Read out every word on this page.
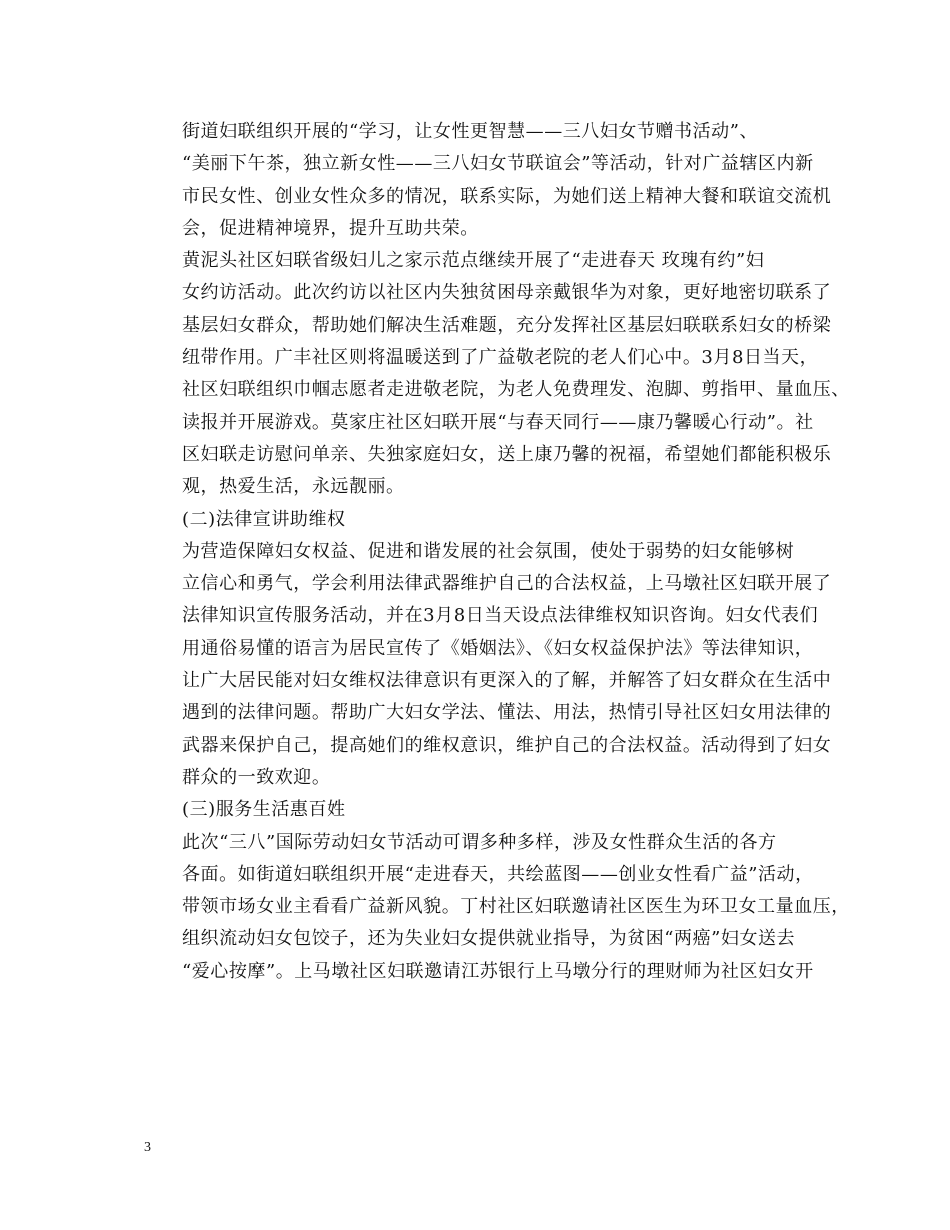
街道妇联组织开展的“学习，让女性更智慧——三八妇女节赠书活动”、
“美丽下午茶，独立新女性——三八妇女节联谊会”等活动，针对广益辖区内新
市民女性、创业女性众多的情况，联系实际，为她们送上精神大餐和联谊交流机
会，促进精神境界，提升互助共荣。

黄泥头社区妇联省级妇儿之家示范点继续开展了“走进春天 玫瑰有约”妇
女约访活动。此次约访以社区内失独贫困母亲戴银华为对象，更好地密切联系了
基层妇女群众，帮助她们解决生活难题，充分发挥社区基层妇联联系妇女的桥梁
纽带作用。广丰社区则将温暖送到了广益敬老院的老人们心中。3月8日当天，
社区妇联组织巾帼志愿者走进敬老院，为老人免费理发、泡脚、剪指甲、量血压、
读报并开展游戏。莫家庄社区妇联开展“与春天同行——康乃馨暖心行动”。社
区妇联走访慰问单亲、失独家庭妇女，送上康乃馨的祝福，希望她们都能积极乐
观，热爱生活，永远靓丽。

(二)法律宣讲助维权

为营造保障妇女权益、促进和谐发展的社会氛围，使处于弱势的妇女能够树
立信心和勇气，学会利用法律武器维护自己的合法权益，上马墩社区妇联开展了
法律知识宣传服务活动，并在3月8日当天设点法律维权知识咨询。妇女代表们
用通俗易懂的语言为居民宣传了《婚姻法》、《妇女权益保护法》等法律知识，
让广大居民能对妇女维权法律意识有更深入的了解，并解答了妇女群众在生活中
遇到的法律问题。帮助广大妇女学法、懂法、用法，热情引导社区妇女用法律的
武器来保护自己，提高她们的维权意识，维护自己的合法权益。活动得到了妇女
群众的一致欢迎。

(三)服务生活惠百姓

此次“三八”国际劳动妇女节活动可谓多种多样，涉及女性群众生活的各方
各面。如街道妇联组织开展“走进春天，共绘蓝图——创业女性看广益”活动，
带领市场女业主看看广益新风貌。丁村社区妇联邀请社区医生为环卫女工量血压，
组织流动妇女包饺子，还为失业妇女提供就业指导，为贫困“两癌”妇女送去
“爱心按摩”。上马墩社区妇联邀请江苏银行上马墩分行的理财师为社区妇女开

3
